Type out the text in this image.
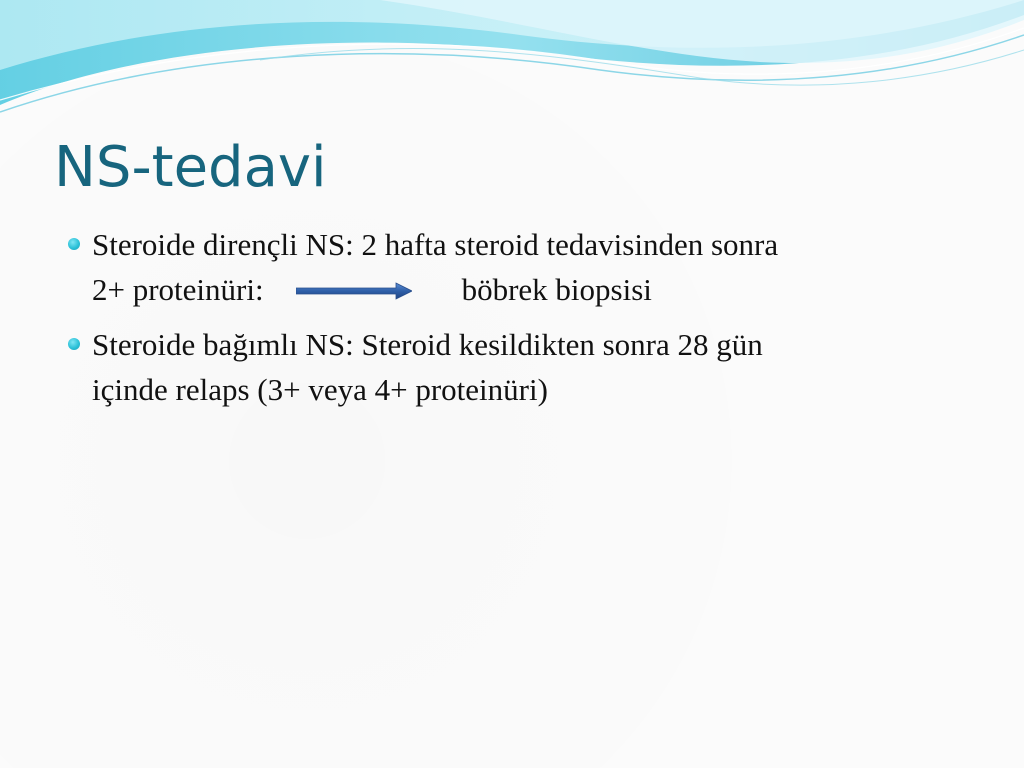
NS-tedavi
Steroide dirençli NS: 2 hafta steroid tedavisinden sonra
2+ proteinüri:	böbrek biopsisi
Steroide bağımlı NS: Steroid kesildikten sonra 28 gün
içinde relaps (3+ veya 4+ proteinüri)
